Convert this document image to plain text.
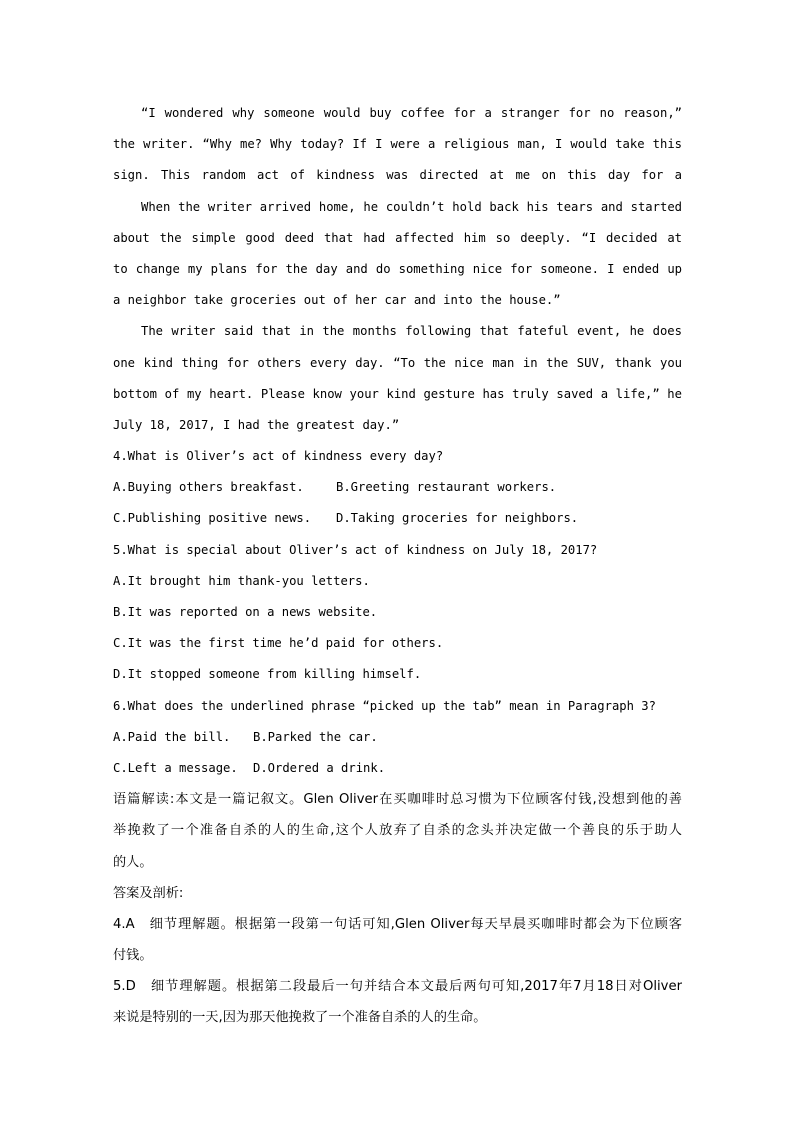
“I wondered why someone would buy coffee for a stranger for no reason,”
the writer. “Why me? Why today? If I were a religious man, I would take this
sign. This random act of kindness was directed at me on this day for a
When the writer arrived home, he couldn’t hold back his tears and started
about the simple good deed that had affected him so deeply. “I decided at
to change my plans for the day and do something nice for someone. I ended up
a neighbor take groceries out of her car and into the house.”
The writer said that in the months following that fateful event, he does
one kind thing for others every day. “To the nice man in the SUV, thank you
bottom of my heart. Please know your kind gesture has truly saved a life,” he
July 18, 2017, I had the greatest day.”
4.What is Oliver’s act of kindness every day?
A.Buying others breakfast.	B.Greeting restaurant workers.
C.Publishing positive news.	D.Taking groceries for neighbors.
5.What is special about Oliver’s act of kindness on July 18, 2017?
A.It brought him thank-you letters.
B.It was reported on a news website.
C.It was the first time he’d paid for others.
D.It stopped someone from killing himself.
6.What does the underlined phrase “picked up the tab” mean in Paragraph 3?
A.Paid the bill.	B.Parked the car.
C.Left a message.	D.Ordered a drink.
语篇解读:本文是一篇记叙文。Glen Oliver在买咖啡时总习惯为下位顾客付钱,没想到他的善
举挽救了一个准备自杀的人的生命,这个人放弃了自杀的念头并决定做一个善良的乐于助人
的人。
答案及剖析:
4.A　细节理解题。根据第一段第一句话可知,Glen Oliver每天早晨买咖啡时都会为下位顾客
付钱。
5.D　细节理解题。根据第二段最后一句并结合本文最后两句可知,2017年7月18日对Oliver
来说是特别的一天,因为那天他挽救了一个准备自杀的人的生命。
